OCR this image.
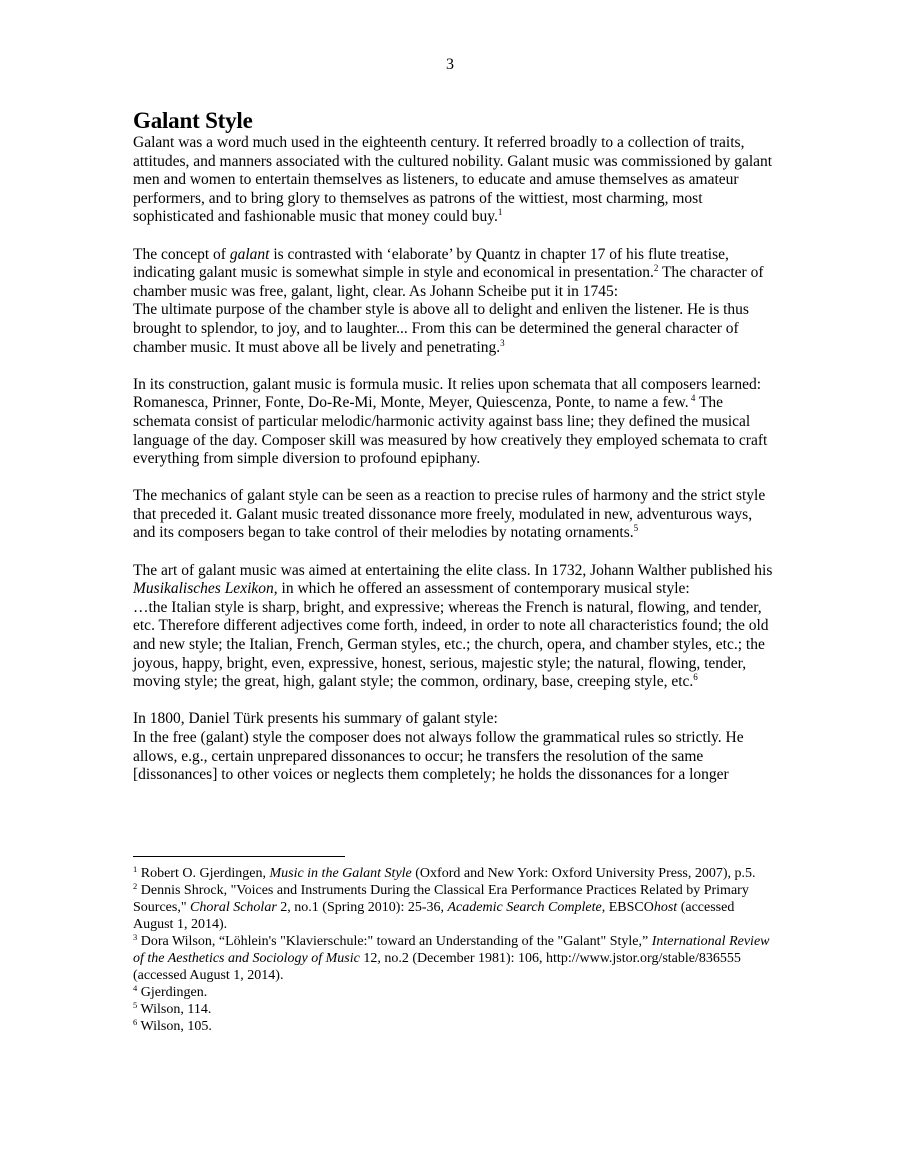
3
Galant Style

Galant was a word much used in the eighteenth century. It referred broadly to a collection of traits, attitudes, and manners associated with the cultured nobility. Galant music was commissioned by galant men and women to entertain themselves as listeners, to educate and amuse themselves as amateur performers, and to bring glory to themselves as patrons of the wittiest, most charming, most sophisticated and fashionable music that money could buy.$^1$

The concept of galant is contrasted with ‘elaborate’ by Quantz in chapter 17 of his flute treatise, indicating galant music is somewhat simple in style and economical in presentation.$^2$ The character of chamber music was free, galant, light, clear. As Johann Scheibe put it in 1745:

The ultimate purpose of the chamber style is above all to delight and enliven the listener. He is thus brought to splendor, to joy, and to laughter... From this can be determined the general character of chamber music. It must above all be lively and penetrating.$^3$

In its construction, galant music is formula music. It relies upon schemata that all composers learned: Romanesca, Prinner, Fonte, Do-Re-Mi, Monte, Meyer, Quiescenza, Ponte, to name a few. $^4$ The schemata consist of particular melodic/harmonic activity against bass line; they defined the musical language of the day. Composer skill was measured by how creatively they employed schemata to craft everything from simple diversion to profound epiphany.

The mechanics of galant style can be seen as a reaction to precise rules of harmony and the strict style that preceded it. Galant music treated dissonance more freely, modulated in new, adventurous ways, and its composers began to take control of their melodies by notating ornaments.$^5$

The art of galant music was aimed at entertaining the elite class. In 1732, Johann Walther published his Musikalisches Lexikon, in which he offered an assessment of contemporary musical style:

…the Italian style is sharp, bright, and expressive; whereas the French is natural, flowing, and tender, etc. Therefore different adjectives come forth, indeed, in order to note all characteristics found; the old and new style; the Italian, French, German styles, etc.; the church, opera, and chamber styles, etc.; the joyous, happy, bright, even, expressive, honest, serious, majestic style; the natural, flowing, tender, moving style; the great, high, galant style; the common, ordinary, base, creeping style, etc.$^6$

In 1800, Daniel Türk presents his summary of galant style:

In the free (galant) style the composer does not always follow the grammatical rules so strictly. He allows, e.g., certain unprepared dissonances to occur; he transfers the resolution of the same [dissonances] to other voices or neglects them completely; he holds the dissonances for a longer

$^1$ Robert O. Gjerdingen, Music in the Galant Style (Oxford and New York: Oxford University Press, 2007), p.5.

$^2$ Dennis Shrock, "Voices and Instruments During the Classical Era Performance Practices Related by Primary Sources," Choral Scholar 2, no.1 (Spring 2010): 25-36, Academic Search Complete, EBSCOhost (accessed August 1, 2014).

$^3$ Dora Wilson, “Löhlein's "Klavierschule:" toward an Understanding of the "Galant" Style,” International Review of the Aesthetics and Sociology of Music 12, no.2 (December 1981): 106, http://www.jstor.org/stable/836555 (accessed August 1, 2014).

$^4$ Gjerdingen.

$^5$ Wilson, 114.

$^6$ Wilson, 105.
